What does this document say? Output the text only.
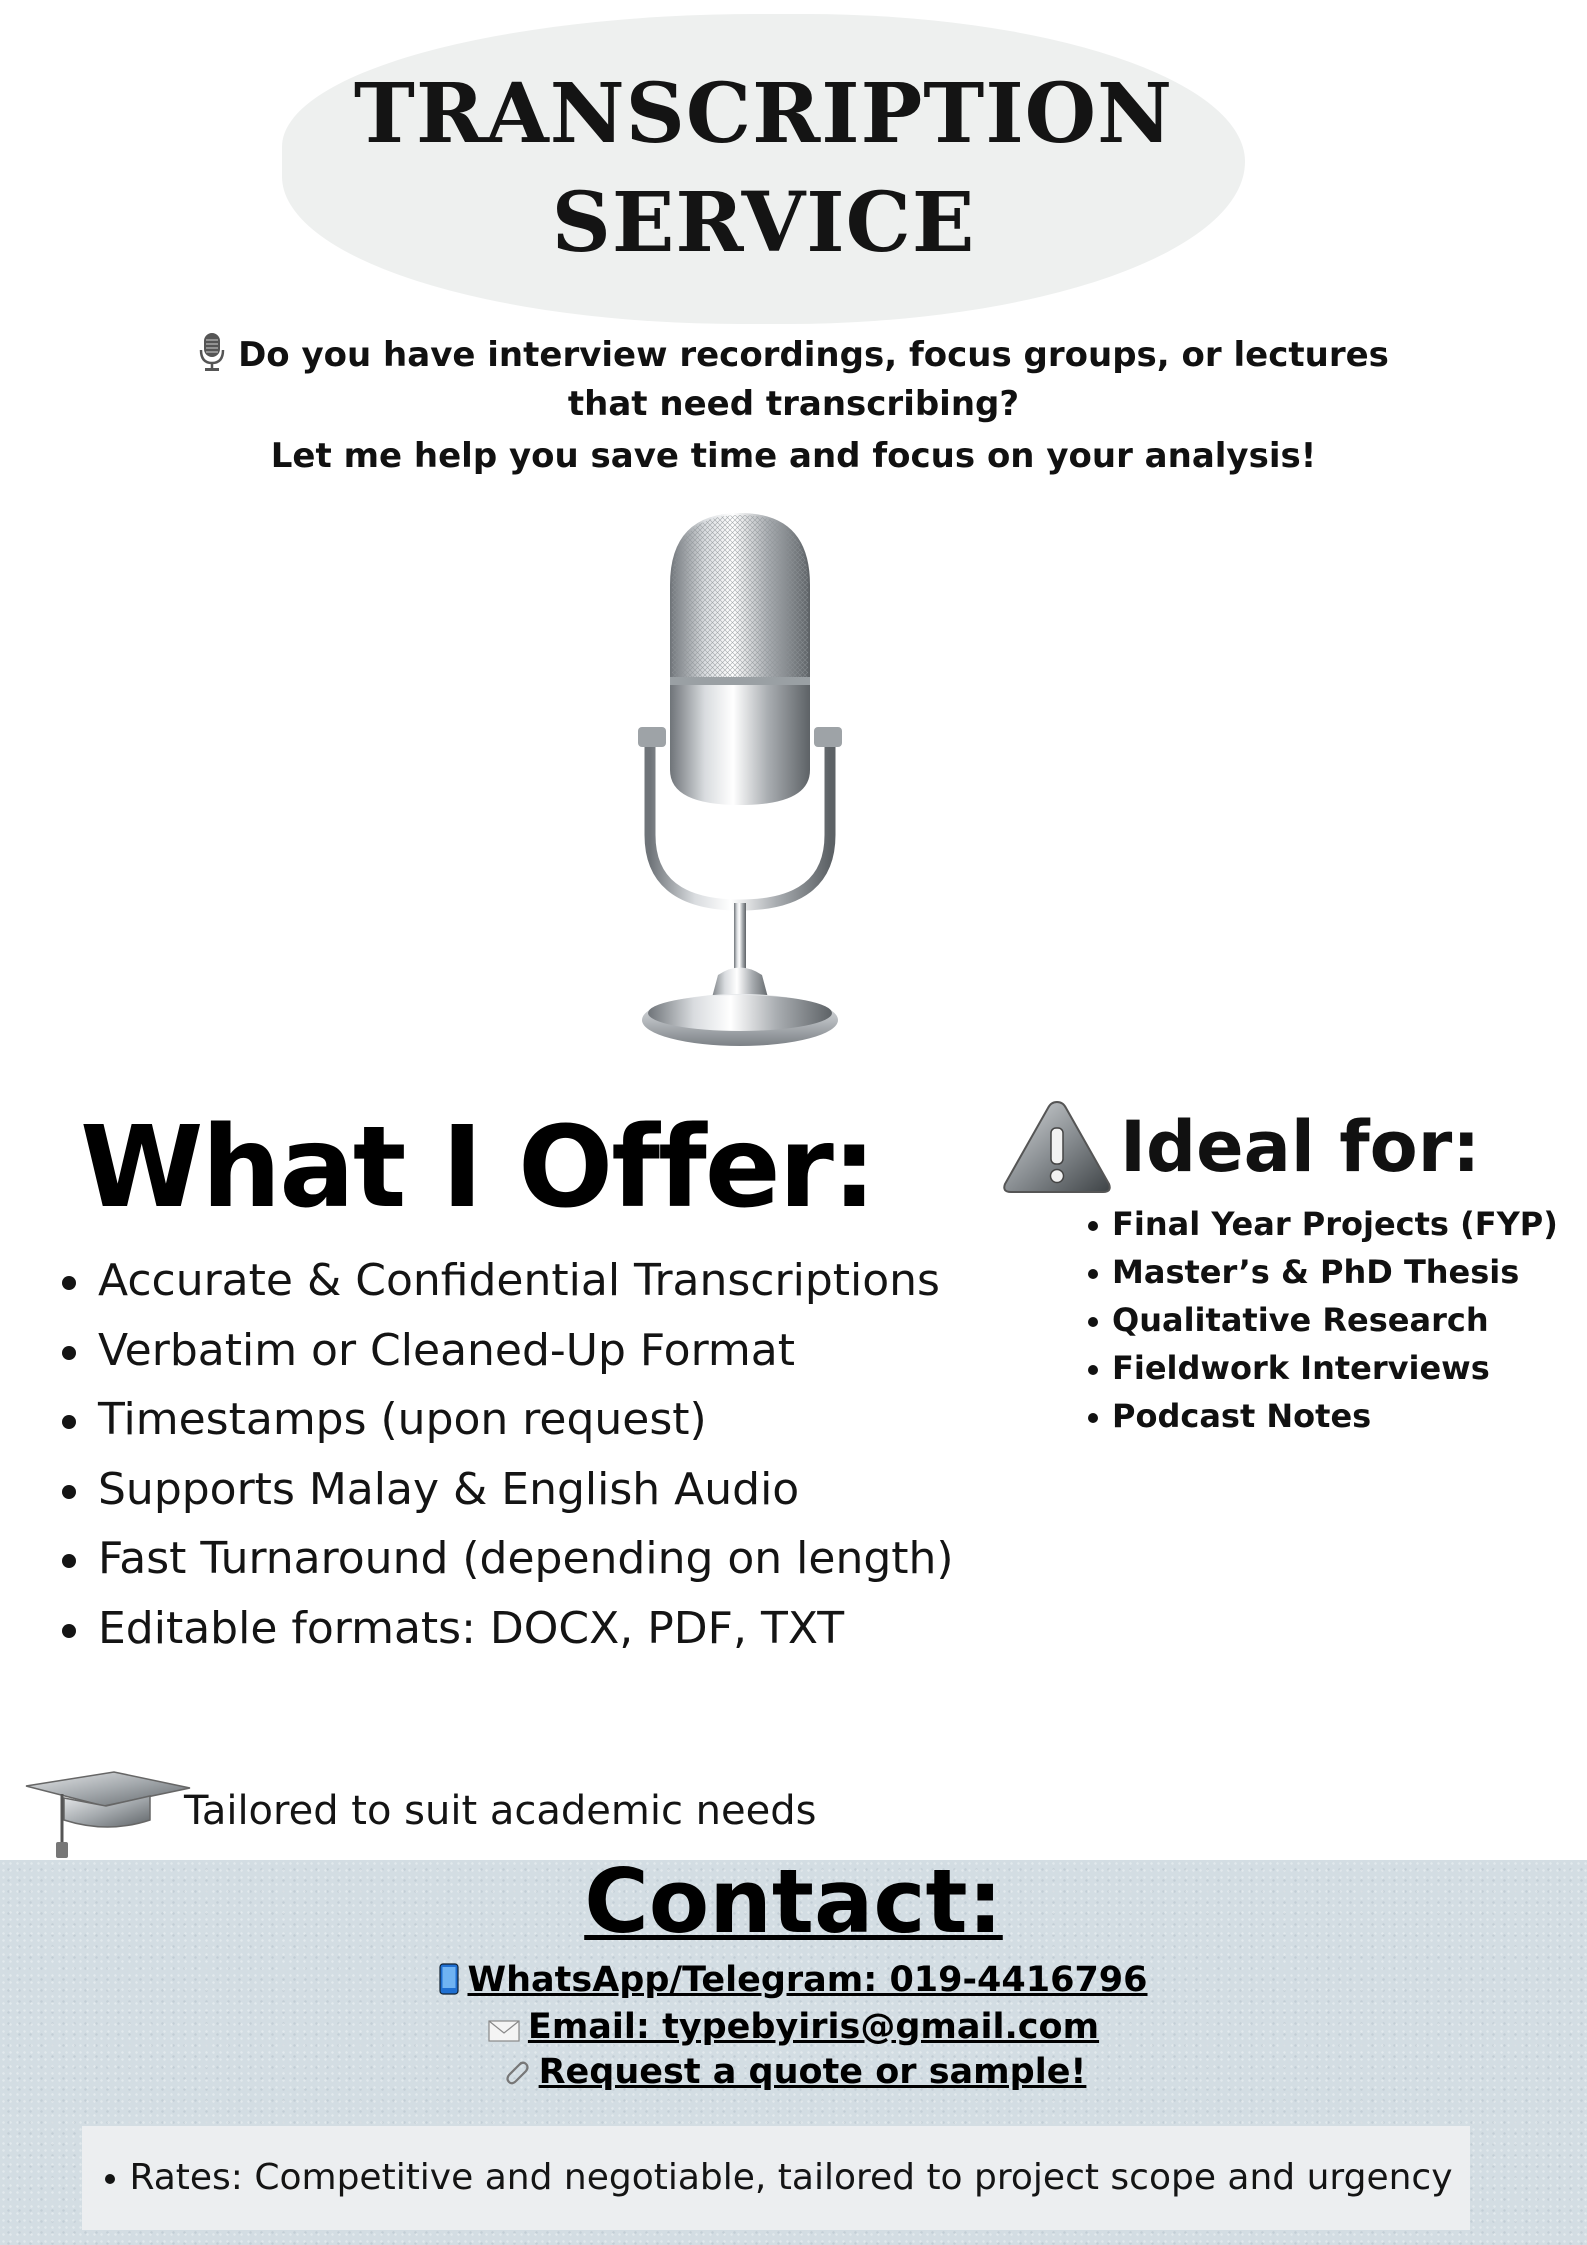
TRANSCRIPTION
SERVICE
Do you have interview recordings, focus groups, or lectures
that need transcribing?
Let me help you save time and focus on your analysis!
What I Offer:
Accurate & Confidential Transcriptions
Verbatim or Cleaned-Up Format
Timestamps (upon request)
Supports Malay & English Audio
Fast Turnaround (depending on length)
Editable formats: DOCX, PDF, TXT
Ideal for:
Final Year Projects (FYP)
Master’s & PhD Thesis
Qualitative Research
Fieldwork Interviews
Podcast Notes
Tailored to suit academic needs
Contact:
WhatsApp/Telegram: 019-4416796
Email: typebyiris@gmail.com
Request a quote or sample!
Rates: Competitive and negotiable, tailored to project scope and urgency
